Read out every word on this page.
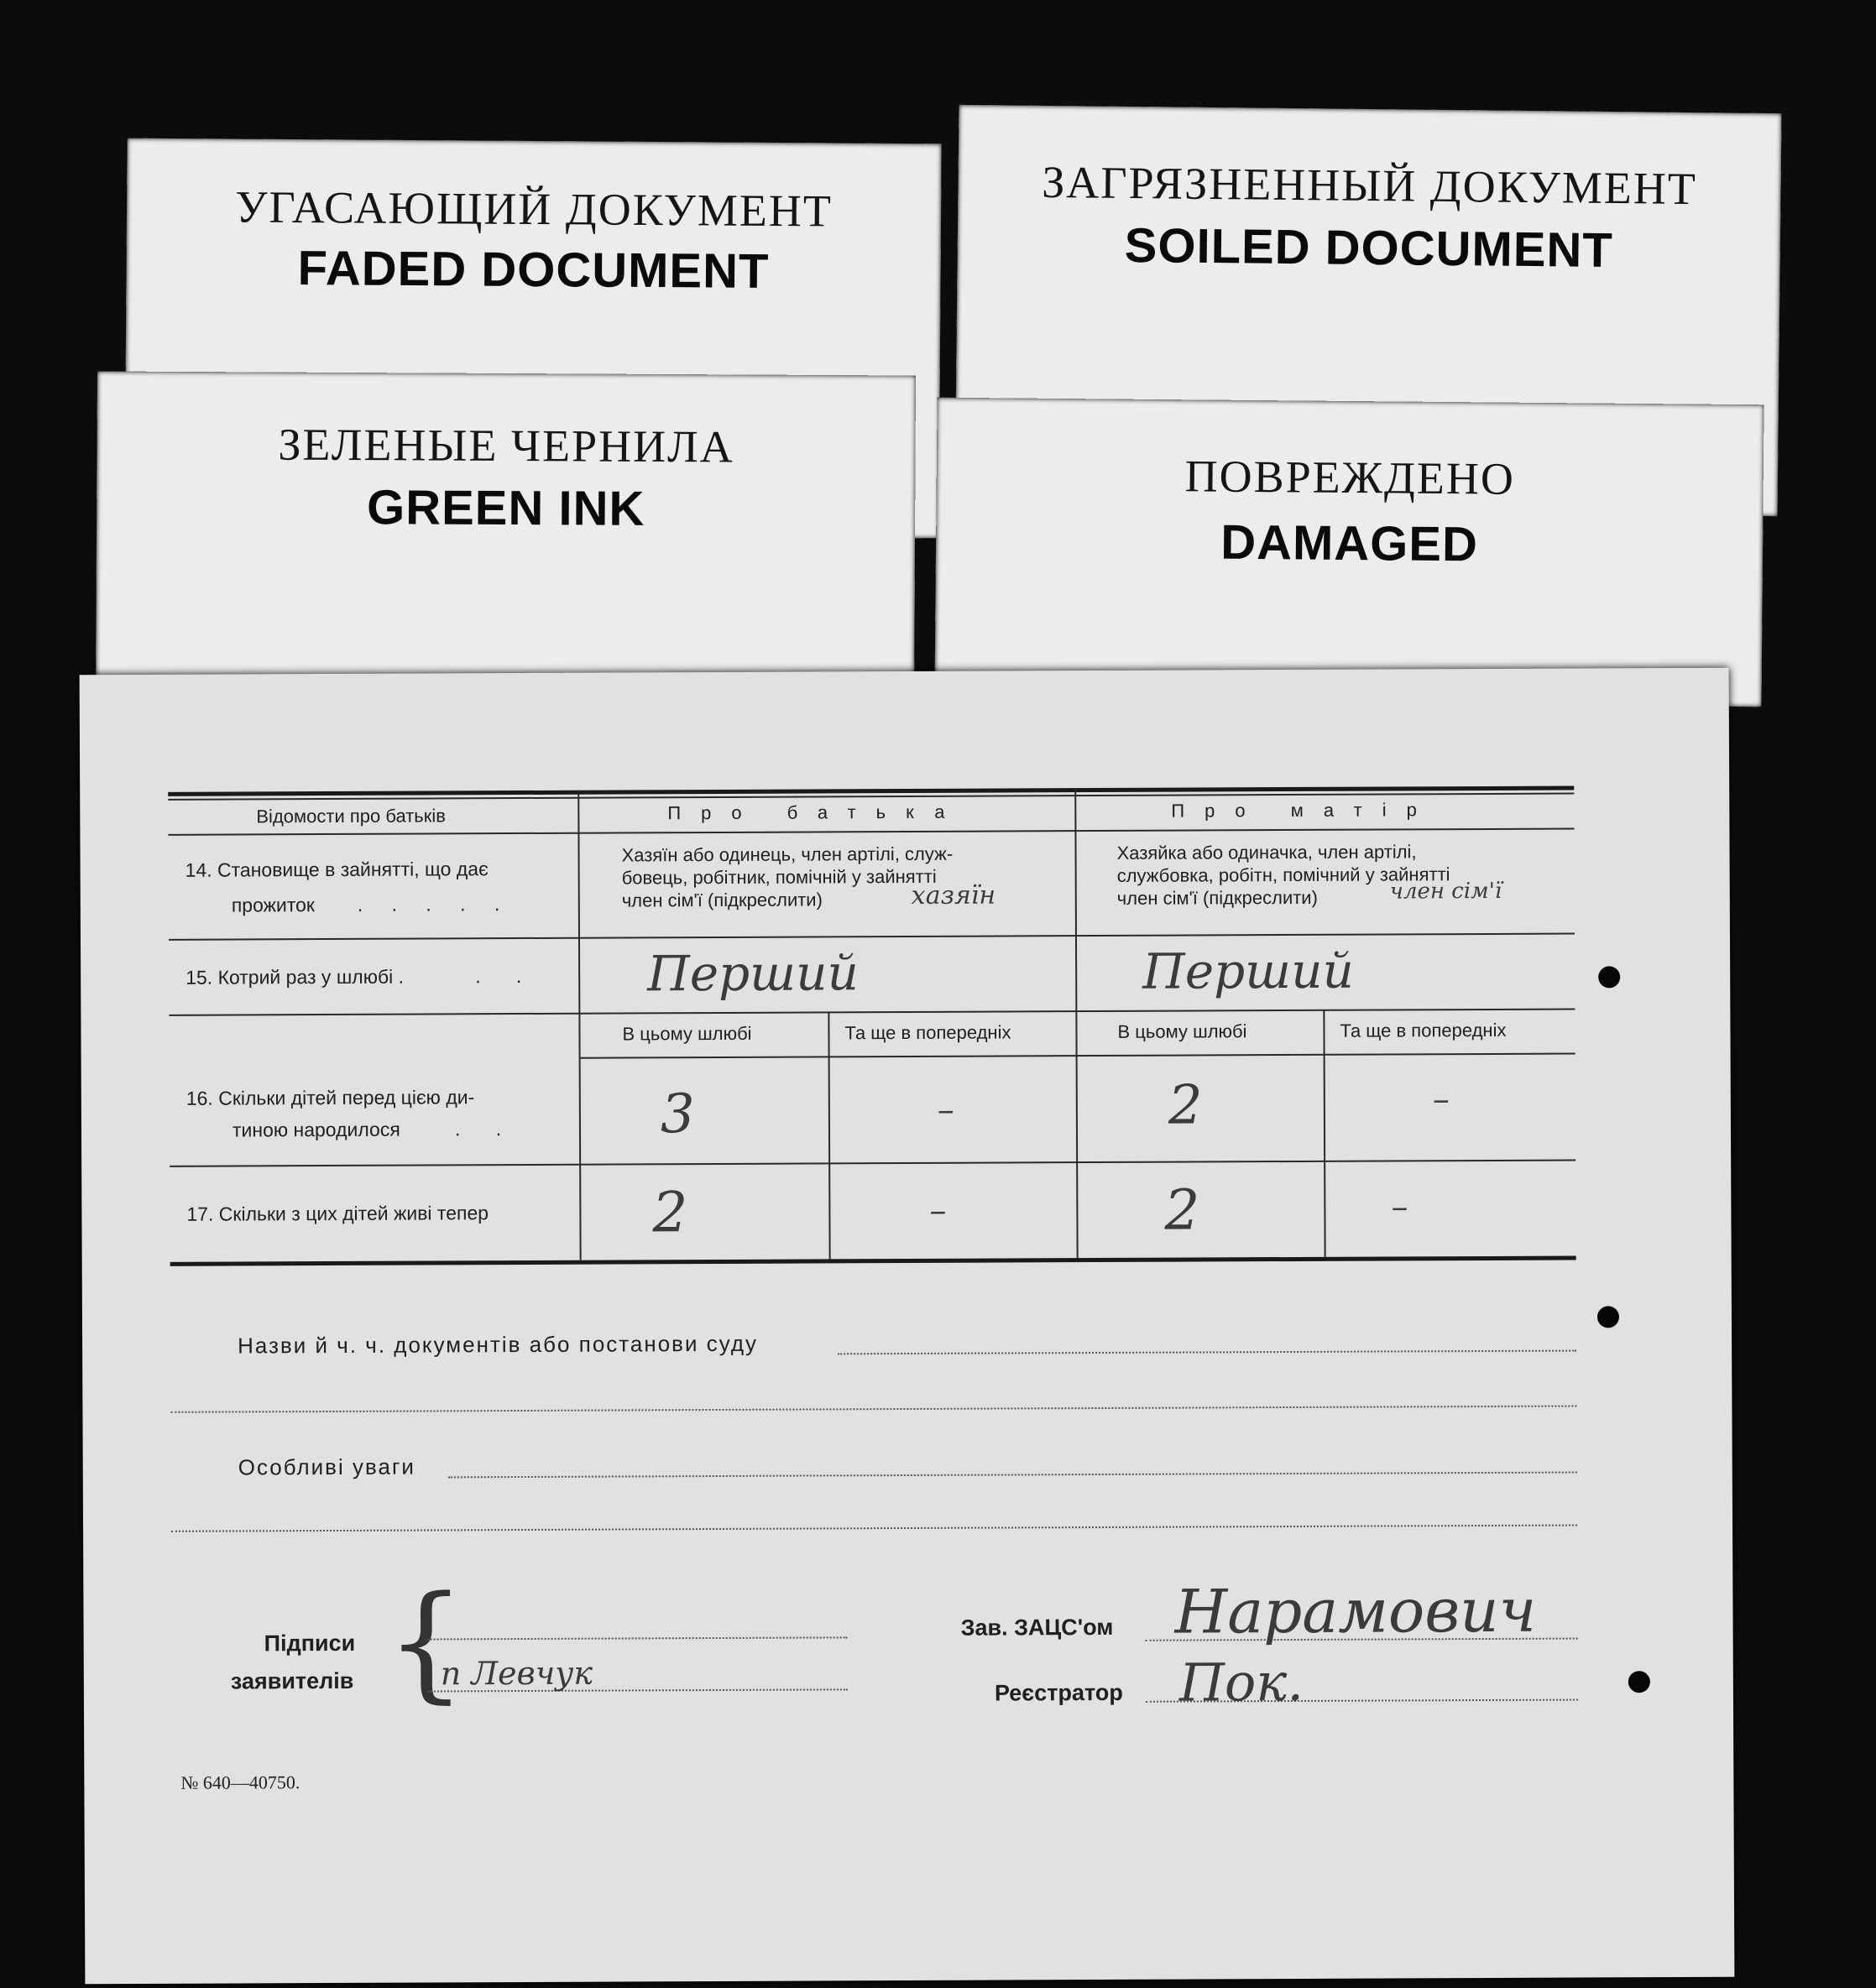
УГАСАЮЩИЙ ДОКУМЕНТ
FADED DOCUMENT
ЗАГРЯЗНЕННЫЙ ДОКУМЕНТ
SOILED DOCUMENT
ЗЕЛЕНЫЕ ЧЕРНИЛА
GREEN INK
ПОВРЕЖДЕНО
DAMAGED
Відомости про батьків	Про батька	Про матір
14. Становище в зайнятті, що дає
прожиток . . . . .
Хазяїн або одинець, член артілі, служ-
бовець, робітник, помічній у зайнятті
член сім'ї (підкреслити)	хазяїн
Хазяйка або одиначка, член артілі,
службовка, робітн, помічний у зайнятті
член сім'ї (підкреслити)	член сім'ї
15. Котрий раз у шлюбі .	. . Перший	Перший
В цьому шлюбі	Та ще в попередніх	В цьому шлюбі	Та ще в попередніх
16. Скільки дітей перед цією ди-
тиною народилося	. .	3	–	2	–
17. Скільки з цих дітей живі тепер	2	–	2	–
Назви й ч. ч. документів або постанови суду
Особливі уваги
Підписи
заявителів {
п Левчук
Зав. ЗАЦС'ом Нарамович
Реєстратор Пок.
№ 640—40750.
